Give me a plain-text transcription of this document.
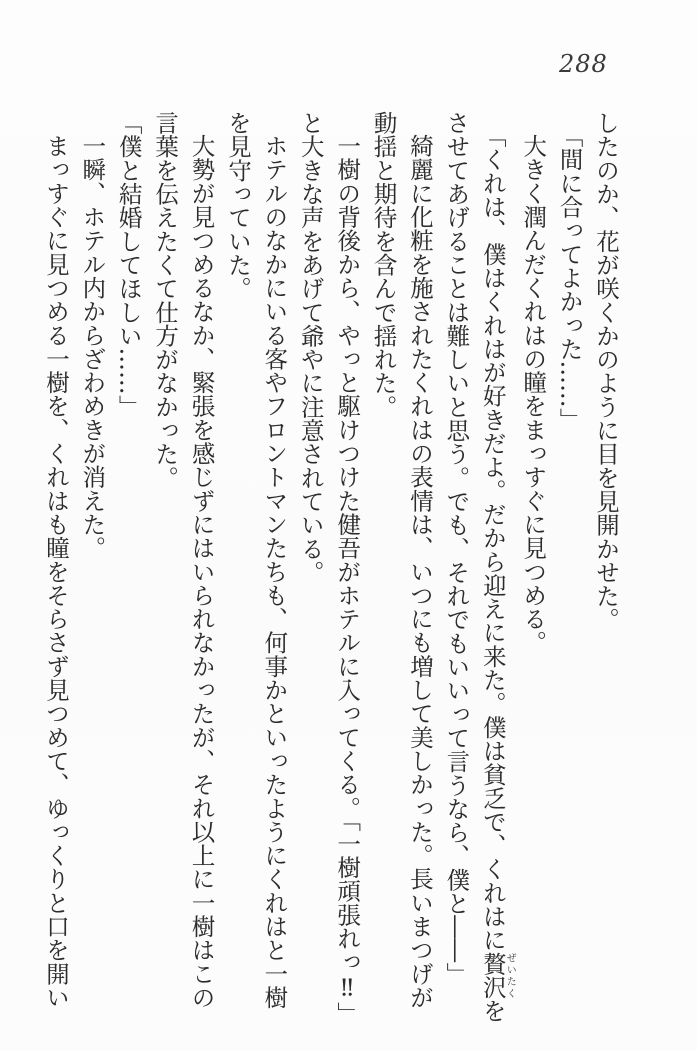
288

したのか、花が咲くかのように目を見開かせた。

「間に合ってよかった……」

大きく潤んだくれはの瞳をまっすぐに見つめる。

「くれは、僕はくれはが好きだよ。だから迎えに来た。僕は貧乏で、くれはに贅沢ぜいたくを

させてあげることは難しいと思う。でも、それでもいいって言うなら、僕と――」

綺麗に化粧を施されたくれはの表情は、いつにも増して美しかった。長いまつげが

動揺と期待を含んで揺れた。

一樹の背後から、やっと駆けつけた健吾がホテルに入ってくる。「一樹頑張れっ‼」

と大きな声をあげて爺やに注意されている。

ホテルのなかにいる客やフロントマンたちも、何事かといったようにくれはと一樹

を見守っていた。

大勢が見つめるなか、緊張を感じずにはいられなかったが、それ以上に一樹はこの

言葉を伝えたくて仕方がなかった。

「僕と結婚してほしい……」

一瞬、ホテル内からざわめきが消えた。

まっすぐに見つめる一樹を、くれはも瞳をそらさず見つめて、ゆっくりと口を開い
